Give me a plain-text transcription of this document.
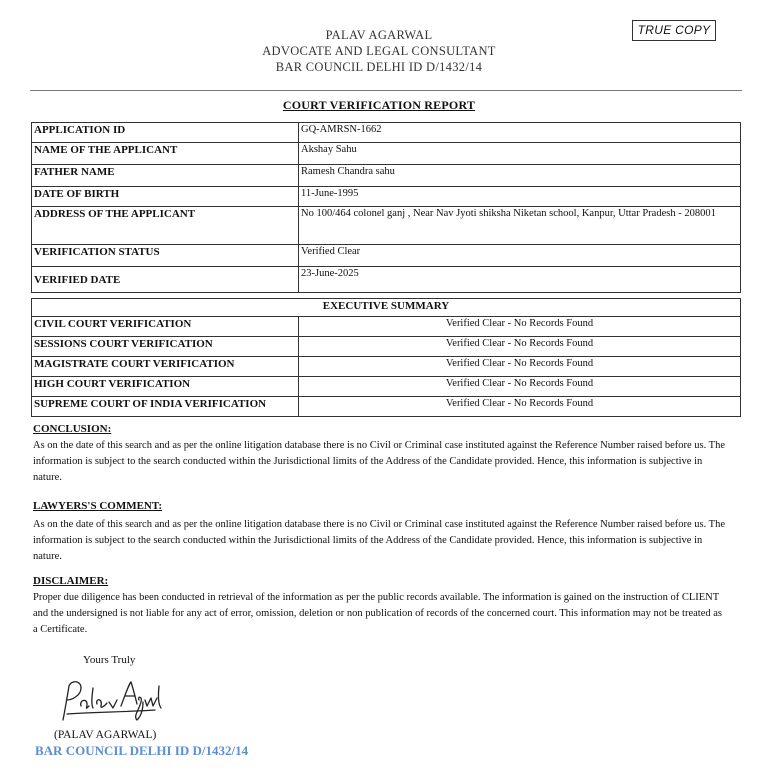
TRUE COPY
PALAV AGARWAL
ADVOCATE AND LEGAL CONSULTANT
BAR COUNCIL DELHI ID D/1432/14
COURT VERIFICATION REPORT
APPLICATION ID	GQ-AMRSN-1662
NAME OF THE APPLICANT	Akshay Sahu
FATHER NAME	Ramesh Chandra sahu
DATE OF BIRTH	11-June-1995
ADDRESS OF THE APPLICANT	No 100/464 colonel ganj , Near Nav Jyoti shiksha Niketan school, Kanpur, Uttar Pradesh - 208001
VERIFICATION STATUS	Verified Clear
VERIFIED DATE	23-June-2025
EXECUTIVE SUMMARY	
CIVIL COURT VERIFICATION	Verified Clear - No Records Found
SESSIONS COURT VERIFICATION	Verified Clear - No Records Found
MAGISTRATE COURT VERIFICATION	Verified Clear - No Records Found
HIGH COURT VERIFICATION	Verified Clear - No Records Found
SUPREME COURT OF INDIA VERIFICATION	Verified Clear - No Records Found
CONCLUSION:
As on the date of this search and as per the online litigation database there is no Civil or Criminal case instituted against the Reference Number raised before us. The information is subject to the search conducted within the Jurisdictional limits of the Address of the Candidate provided. Hence, this information is subjective in nature.
LAWYERS'S COMMENT:
As on the date of this search and as per the online litigation database there is no Civil or Criminal case instituted against the Reference Number raised before us. The information is subject to the search conducted within the Jurisdictional limits of the Address of the Candidate provided. Hence, this information is subjective in nature.
DISCLAIMER:
Proper due diligence has been conducted in retrieval of the information as per the public records available. The information is gained on the instruction of CLIENT and the undersigned is not liable for any act of error, omission, deletion or non publication of records of the concerned court. This information may not be treated as a Certificate.
Yours Truly
(PALAV AGARWAL)
BAR COUNCIL DELHI ID D/1432/14
